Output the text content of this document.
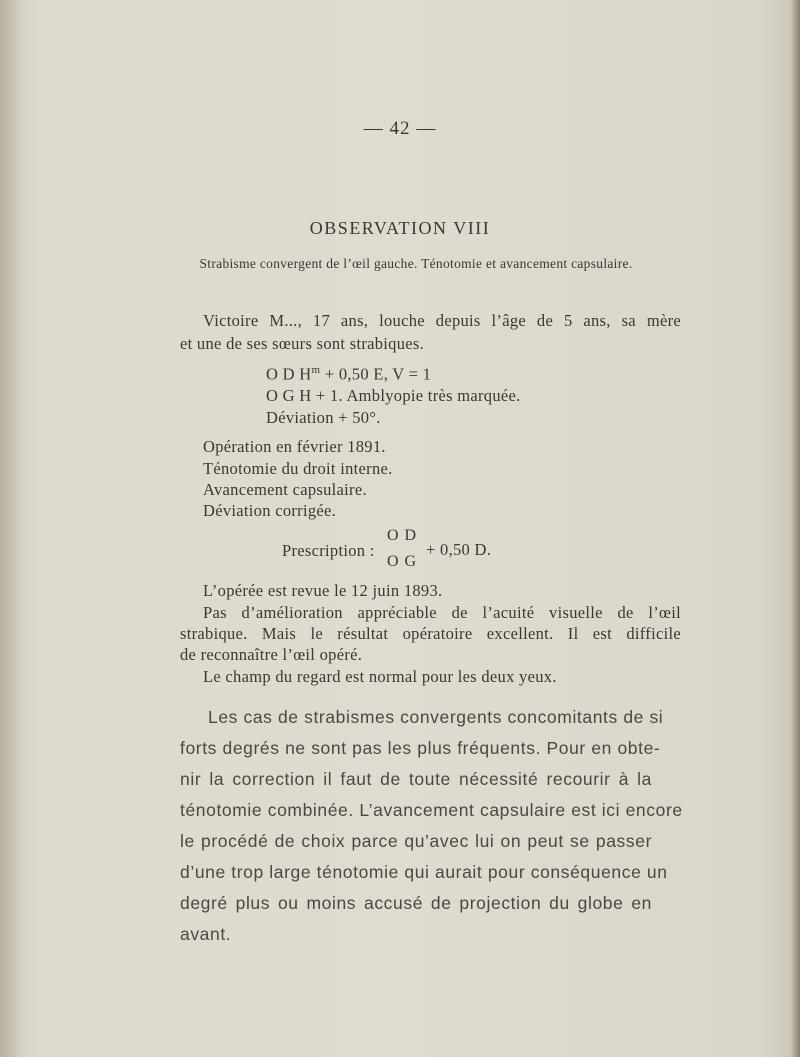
— 42 —
OBSERVATION VIII
Strabisme convergent de l’œil gauche. Ténotomie et avancement capsulaire.
Victoire M..., 17 ans, louche depuis l’âge de 5 ans, sa mère
et une de ses sœurs sont strabiques.
O D $H^m + 0,50$ E, V = 1
O G H + 1. Amblyopie très marquée.
Déviation + 50°.
Opération en février 1891.
Ténotomie du droit interne.
Avancement capsulaire.
Déviation corrigée.
Prescription :
O D
O G
+ 0,50 D.
L’opérée est revue le 12 juin 1893.
Pas d’amélioration appréciable de l’acuité visuelle de l’œil
strabique. Mais le résultat opératoire excellent. Il est difficile
de reconnaître l’œil opéré.
Le champ du regard est normal pour les deux yeux.
Les cas de strabismes convergents concomitants de si
forts degrés ne sont pas les plus fréquents. Pour en obte-
nir la correction il faut de toute nécessité recourir à la
ténotomie combinée. L’avancement capsulaire est ici encore
le procédé de choix parce qu’avec lui on peut se passer
d’une trop large ténotomie qui aurait pour conséquence un
degré plus ou moins accusé de projection du globe en
avant.
